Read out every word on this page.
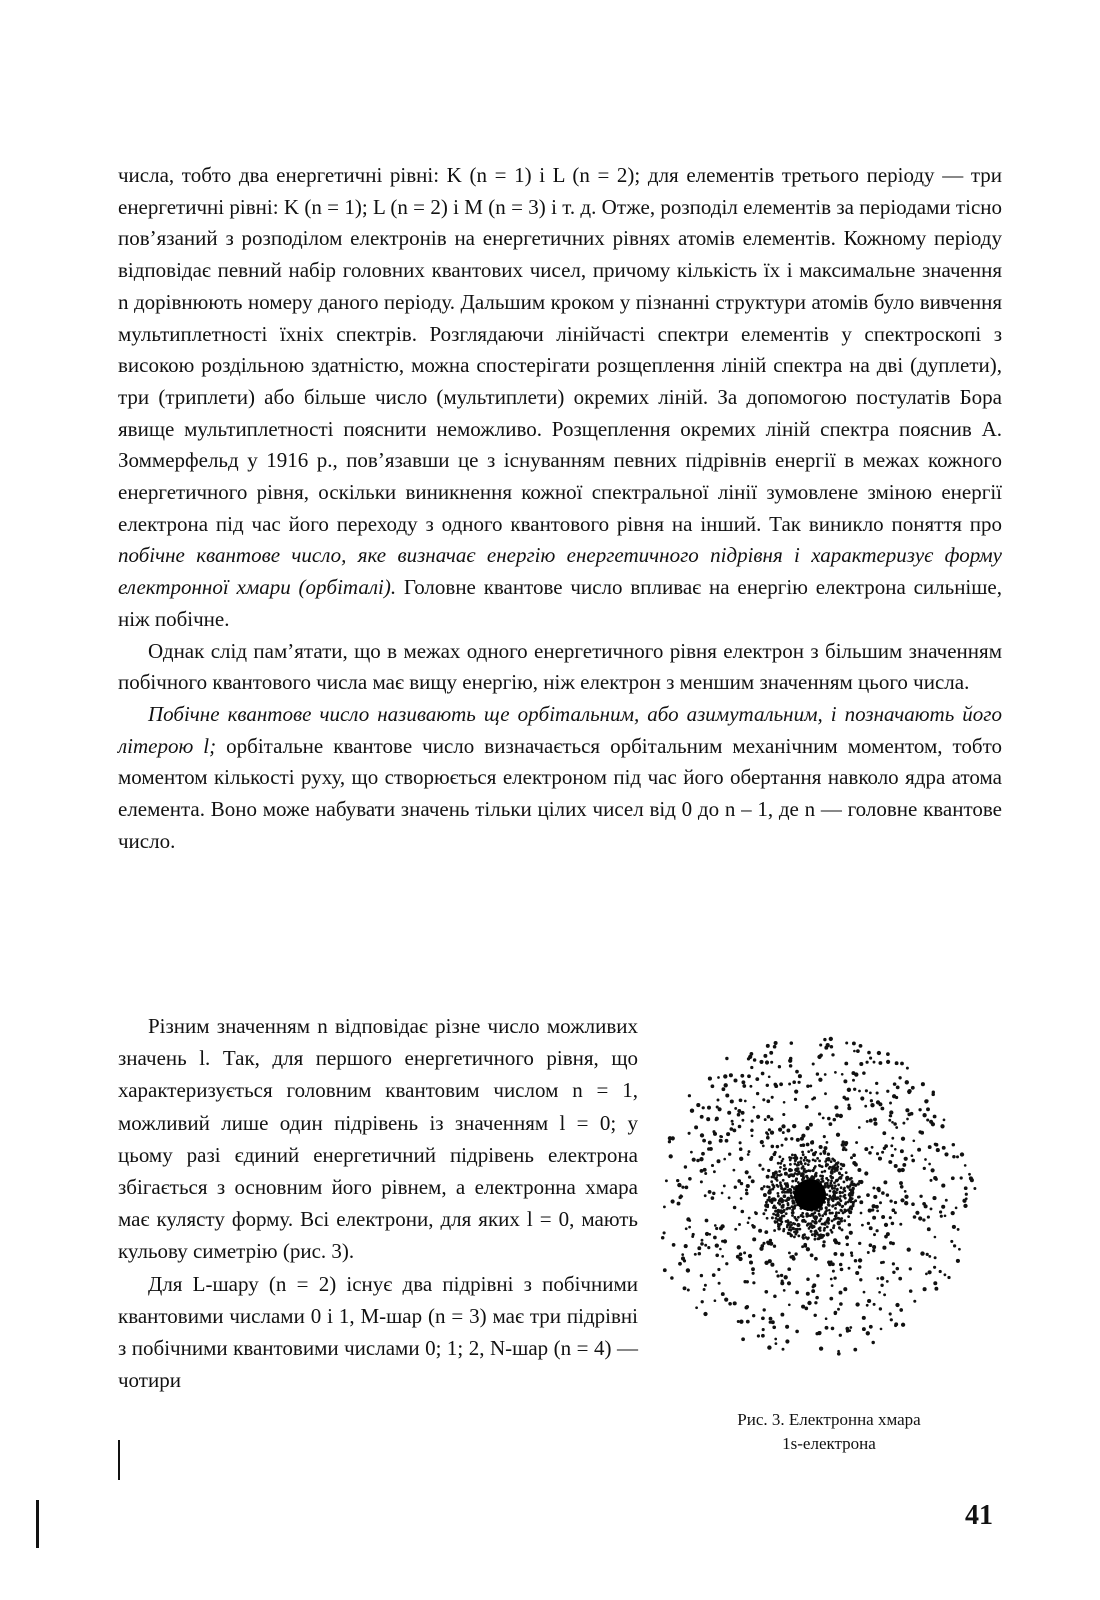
числа, тобто два енергетичні рівні: K (n = 1) і L (n = 2); для елементів третього періоду — три енергетичні рівні: K (n = 1); L (n = 2) і M (n = 3) і т. д. Отже, розподіл елементів за періодами тісно пов’язаний з розподілом електронів на енергетичних рівнях атомів елементів. Кожному періоду відповідає певний набір головних квантових чисел, причому кількість їх і максимальне значення n дорівнюють номеру даного періоду. Дальшим кроком у пізнанні структури атомів було вивчення мультиплетності їхніх спектрів. Розглядаючи лінійчасті спектри елементів у спектроскопі з високою роздільною здатністю, можна спостерігати розщеплення ліній спектра на дві (дуплети), три (триплети) або більше число (мультиплети) окремих ліній. За допомогою постулатів Бора явище мультиплетності пояснити неможливо. Розщеплення окремих ліній спектра пояснив А. Зоммерфельд у 1916 р., пов’язавши це з існуванням певних підрівнів енергії в межах кожного енергетичного рівня, оскільки виникнення кожної спектральної лінії зумовлене зміною енергії електрона під час його переходу з одного квантового рівня на інший. Так виникло поняття про побічне квантове число, яке визначає енергію енергетичного підрівня і характеризує форму електронної хмари (орбіталі). Головне квантове число впливає на енергію електрона сильніше, ніж побічне.

Однак слід пам’ятати, що в межах одного енергетичного рівня електрон з більшим значенням побічного квантового числа має вищу енергію, ніж електрон з меншим значенням цього числа.

Побічне квантове число називають ще орбітальним, або азимутальним, і позначають його літерою l; орбітальне квантове число визначається орбітальним механічним моментом, тобто моментом кількості руху, що створюється електроном під час його обертання навколо ядра атома елемента. Воно може набувати значень тільки цілих чисел від 0 до n – 1, де n — головне квантове число.

Різним значенням n відповідає різне число можливих значень l. Так, для першого енергетичного рівня, що характеризується головним квантовим числом n = 1, можливий лише один підрівень із значенням l = 0; у цьому разі єдиний енергетичний підрівень електрона збігається з основним його рівнем, а електронна хмара має кулясту форму. Всі електрони, для яких l = 0, мають кульову симетрію (рис. 3).

Для L-шару (n = 2) існує два підрівні з побічними квантовими числами 0 і 1, M-шар (n = 3) має три підрівні з побічними квантовими числами 0; 1; 2, N-шар (n = 4) — чотири

Рис. 3. Електронна хмара
1s-електрона
41
